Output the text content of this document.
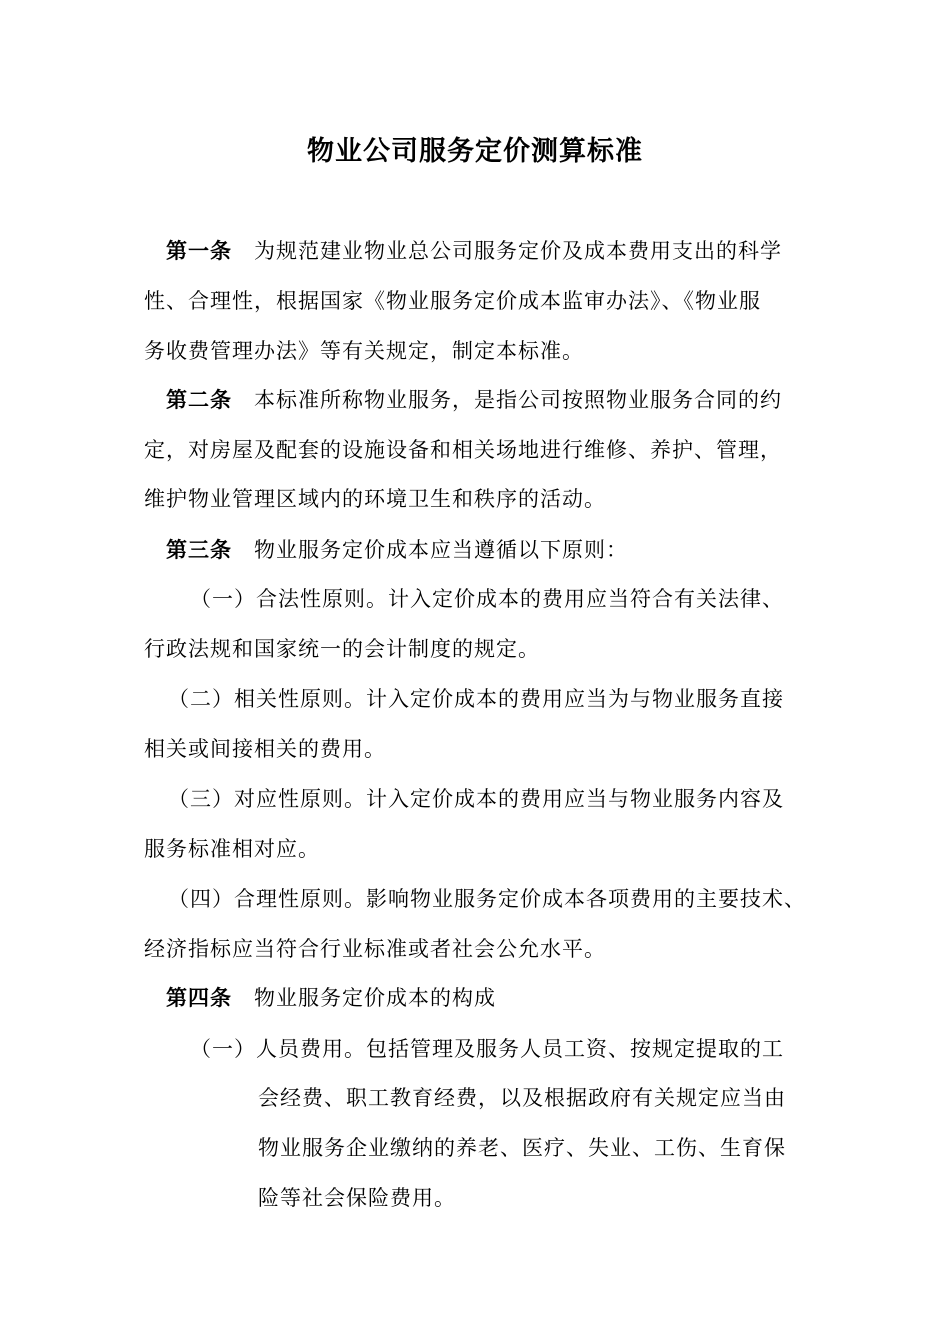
物业公司服务定价测算标准
第一条 为规范建业物业总公司服务定价及成本费用支出的科学
性、合理性，根据国家《物业服务定价成本监审办法》、《物业服
务收费管理办法》等有关规定，制定本标准。
第二条 本标准所称物业服务，是指公司按照物业服务合同的约
定，对房屋及配套的设施设备和相关场地进行维修、养护、管理，
维护物业管理区域内的环境卫生和秩序的活动。
第三条 物业服务定价成本应当遵循以下原则：
（一）合法性原则。计入定价成本的费用应当符合有关法律、
行政法规和国家统一的会计制度的规定。
（二）相关性原则。计入定价成本的费用应当为与物业服务直接
相关或间接相关的费用。
（三）对应性原则。计入定价成本的费用应当与物业服务内容及
服务标准相对应。
（四）合理性原则。影响物业服务定价成本各项费用的主要技术、
经济指标应当符合行业标准或者社会公允水平。
第四条 物业服务定价成本的构成
（一）人员费用。包括管理及服务人员工资、按规定提取的工
会经费、职工教育经费，以及根据政府有关规定应当由
物业服务企业缴纳的养老、医疗、失业、工伤、生育保
险等社会保险费用。
